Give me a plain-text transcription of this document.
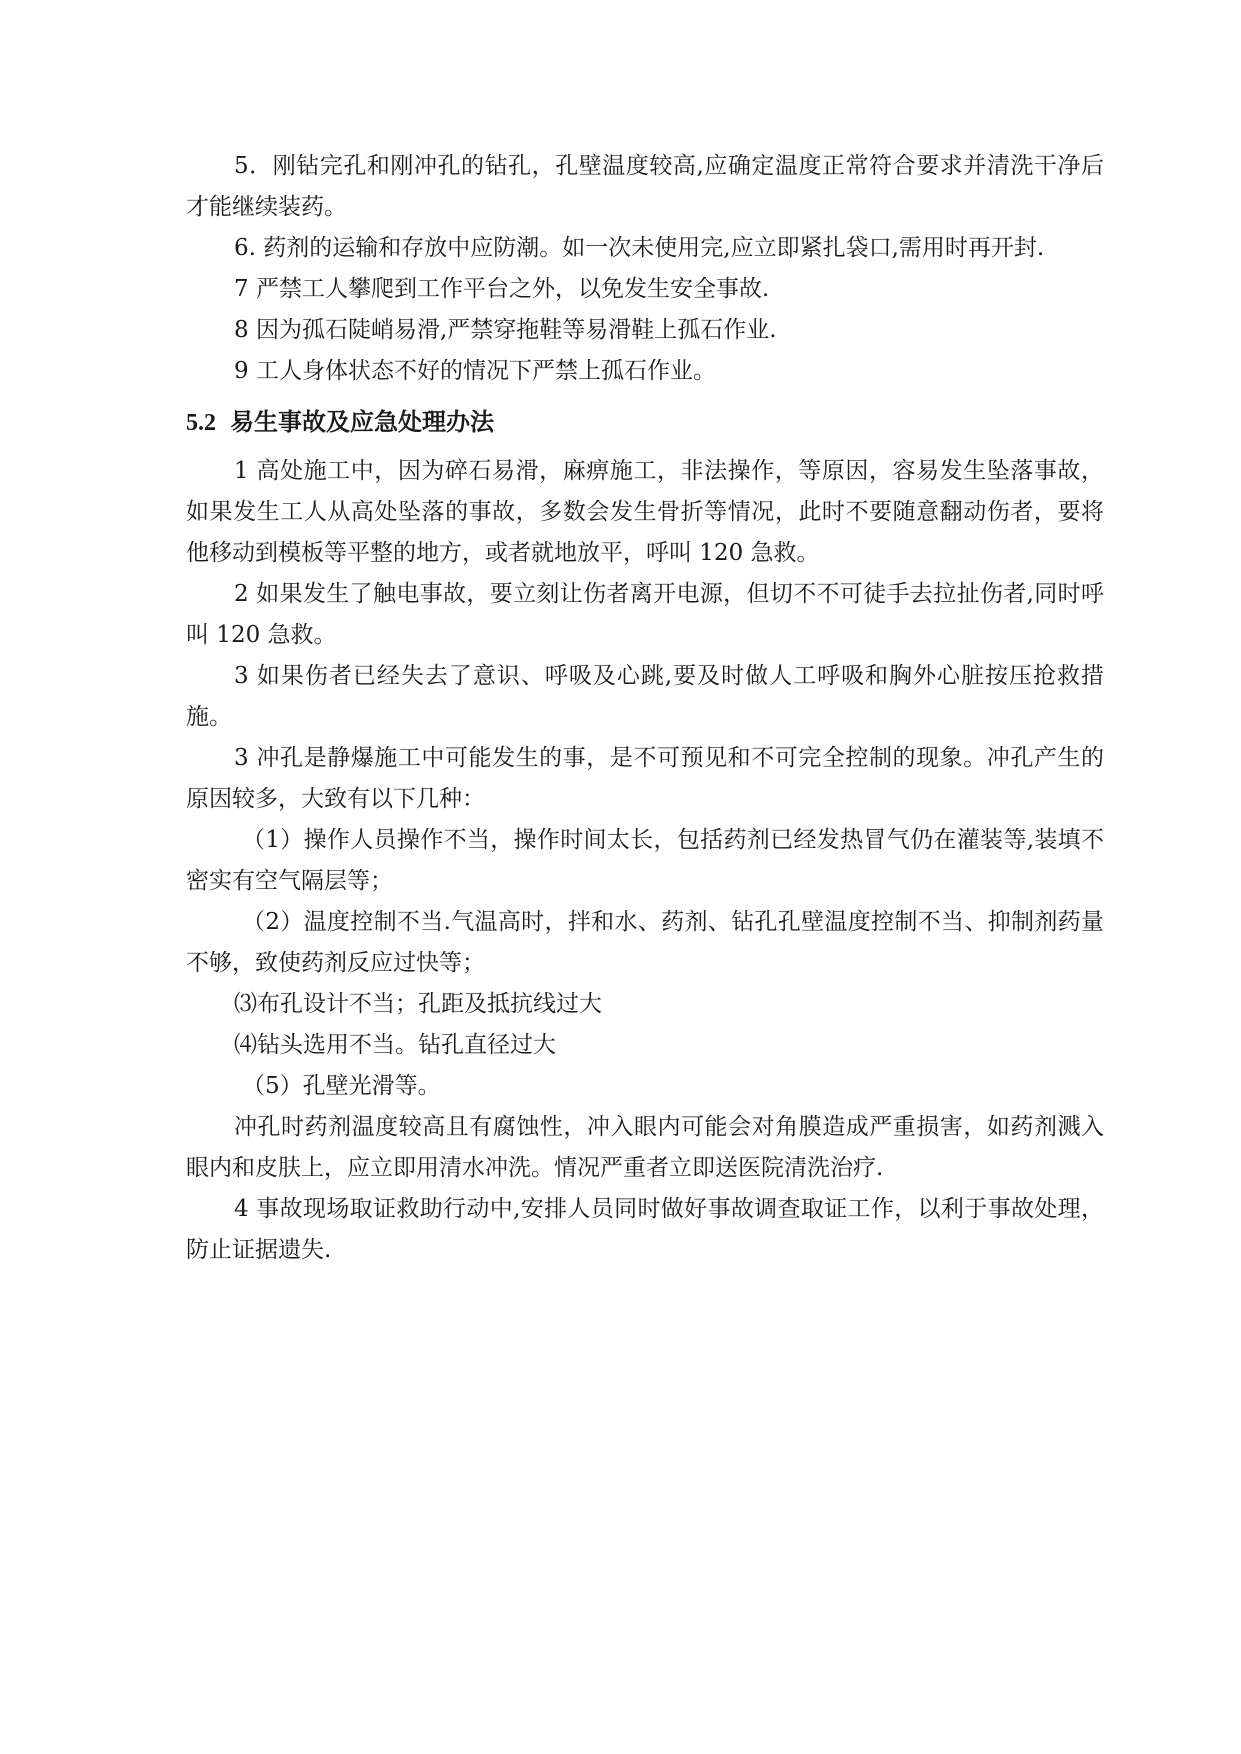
5．刚钻完孔和刚冲孔的钻孔，孔壁温度较高,应确定温度正常符合要求并清洗干净后才能继续装药。

6. 药剂的运输和存放中应防潮。如一次未使用完,应立即紧扎袋口,需用时再开封.

7 严禁工人攀爬到工作平台之外，以免发生安全事故.

8 因为孤石陡峭易滑,严禁穿拖鞋等易滑鞋上孤石作业.

9 工人身体状态不好的情况下严禁上孤石作业。

5.2 易生事故及应急处理办法

1 高处施工中，因为碎石易滑，麻痹施工，非法操作，等原因，容易发生坠落事故，如果发生工人从高处坠落的事故，多数会发生骨折等情况，此时不要随意翻动伤者，要将他移动到模板等平整的地方，或者就地放平，呼叫 120 急救。

2 如果发生了触电事故，要立刻让伤者离开电源，但切不不可徒手去拉扯伤者,同时呼叫 120 急救。

3 如果伤者已经失去了意识、呼吸及心跳,要及时做人工呼吸和胸外心脏按压抢救措施。

3 冲孔是静爆施工中可能发生的事，是不可预见和不可完全控制的现象。冲孔产生的原因较多，大致有以下几种：

（1）操作人员操作不当，操作时间太长，包括药剂已经发热冒气仍在灌装等,装填不密实有空气隔层等；

（2）温度控制不当.气温高时，拌和水、药剂、钻孔孔壁温度控制不当、抑制剂药量不够，致使药剂反应过快等；

⑶布孔设计不当；孔距及抵抗线过大

⑷钻头选用不当。钻孔直径过大

（5）孔壁光滑等。

冲孔时药剂温度较高且有腐蚀性，冲入眼内可能会对角膜造成严重损害，如药剂溅入眼内和皮肤上，应立即用清水冲洗。情况严重者立即送医院清洗治疗.

4 事故现场取证救助行动中,安排人员同时做好事故调查取证工作，以利于事故处理，防止证据遗失.
